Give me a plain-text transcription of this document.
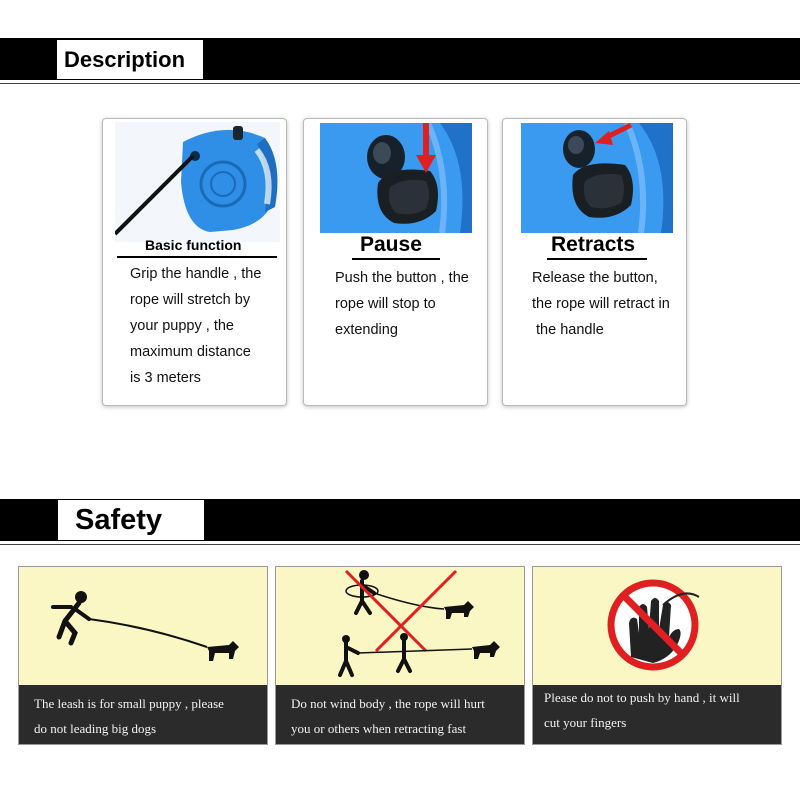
Description
Basic function
Grip the handle , the
rope will stretch by
your puppy , the
maximum distance
is 3 meters
Pause
Push the button , the
rope will stop to
extending
Retracts
Release the button,
the rope will retract in
the handle
Safety
The leash is for small puppy , please
do not leading big dogs
Do not wind body , the rope will hurt
you or others when retracting fast
Please do not to push by hand , it will
cut your fingers
